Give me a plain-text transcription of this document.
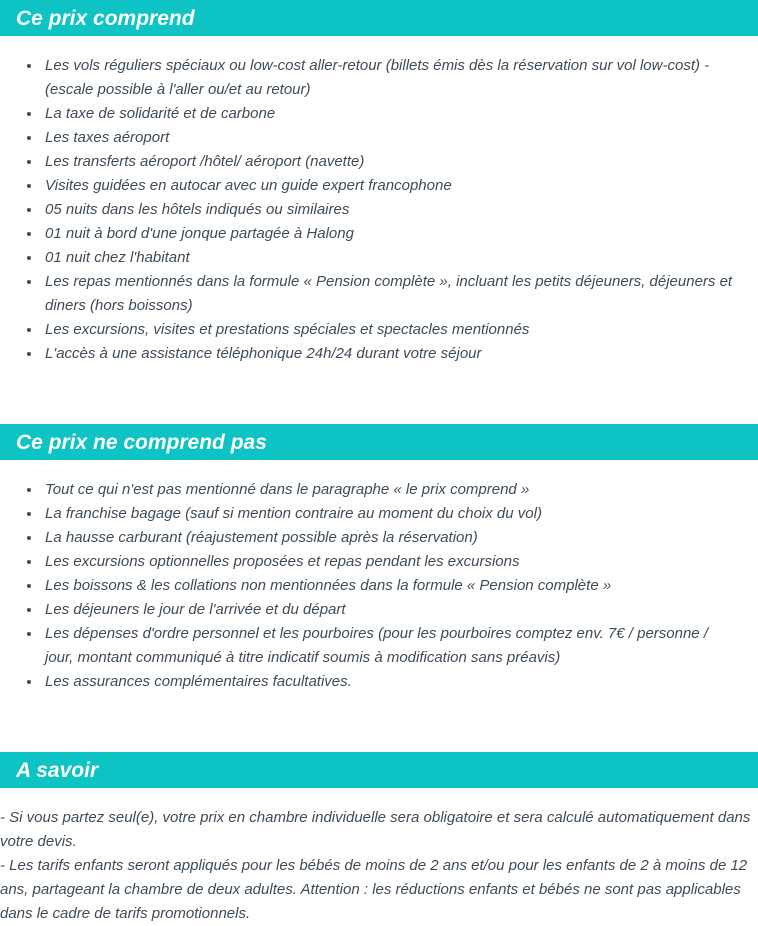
Ce prix comprend
• Les vols réguliers spéciaux ou low-cost aller-retour (billets émis dès la réservation sur vol low-cost) - (escale possible à l'aller ou/et au retour)
• La taxe de solidarité et de carbone
• Les taxes aéroport
• Les transferts aéroport /hôtel/ aéroport (navette)
• Visites guidées en autocar avec un guide expert francophone
• 05 nuits dans les hôtels indiqués ou similaires
• 01 nuit à bord d'une jonque partagée à Halong
• 01 nuit chez l'habitant
• Les repas mentionnés dans la formule « Pension complète », incluant les petits déjeuners, déjeuners et diners (hors boissons)
• Les excursions, visites et prestations spéciales et spectacles mentionnés
• L'accès à une assistance téléphonique 24h/24 durant votre séjour
Ce prix ne comprend pas
• Tout ce qui n'est pas mentionné dans le paragraphe « le prix comprend »
• La franchise bagage (sauf si mention contraire au moment du choix du vol)
• La hausse carburant (réajustement possible après la réservation)
• Les excursions optionnelles proposées et repas pendant les excursions
• Les boissons & les collations non mentionnées dans la formule « Pension complète »
• Les déjeuners le jour de l'arrivée et du départ
• Les dépenses d'ordre personnel et les pourboires (pour les pourboires comptez env. 7€ / personne / jour, montant communiqué à titre indicatif soumis à modification sans préavis)
• Les assurances complémentaires facultatives.
A savoir

- Si vous partez seul(e), votre prix en chambre individuelle sera obligatoire et sera calculé automatiquement dans votre devis.

- Les tarifs enfants seront appliqués pour les bébés de moins de 2 ans et/ou pour les enfants de 2 à moins de 12 ans, partageant la chambre de deux adultes. Attention : les réductions enfants et bébés ne sont pas applicables dans le cadre de tarifs promotionnels.
